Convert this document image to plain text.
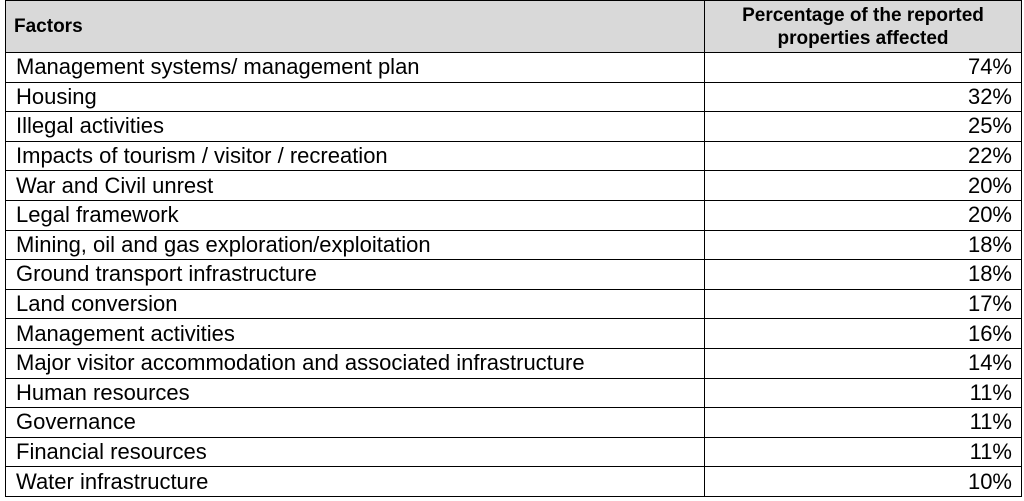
Factors	Percentage of the reported properties affected
Management systems/ management plan	74%
Housing	32%
Illegal activities	25%
Impacts of tourism / visitor / recreation	22%
War and Civil unrest	20%
Legal framework	20%
Mining, oil and gas exploration/exploitation	18%
Ground transport infrastructure	18%
Land conversion	17%
Management activities	16%
Major visitor accommodation and associated infrastructure	14%
Human resources	11%
Governance	11%
Financial resources	11%
Water infrastructure	10%
